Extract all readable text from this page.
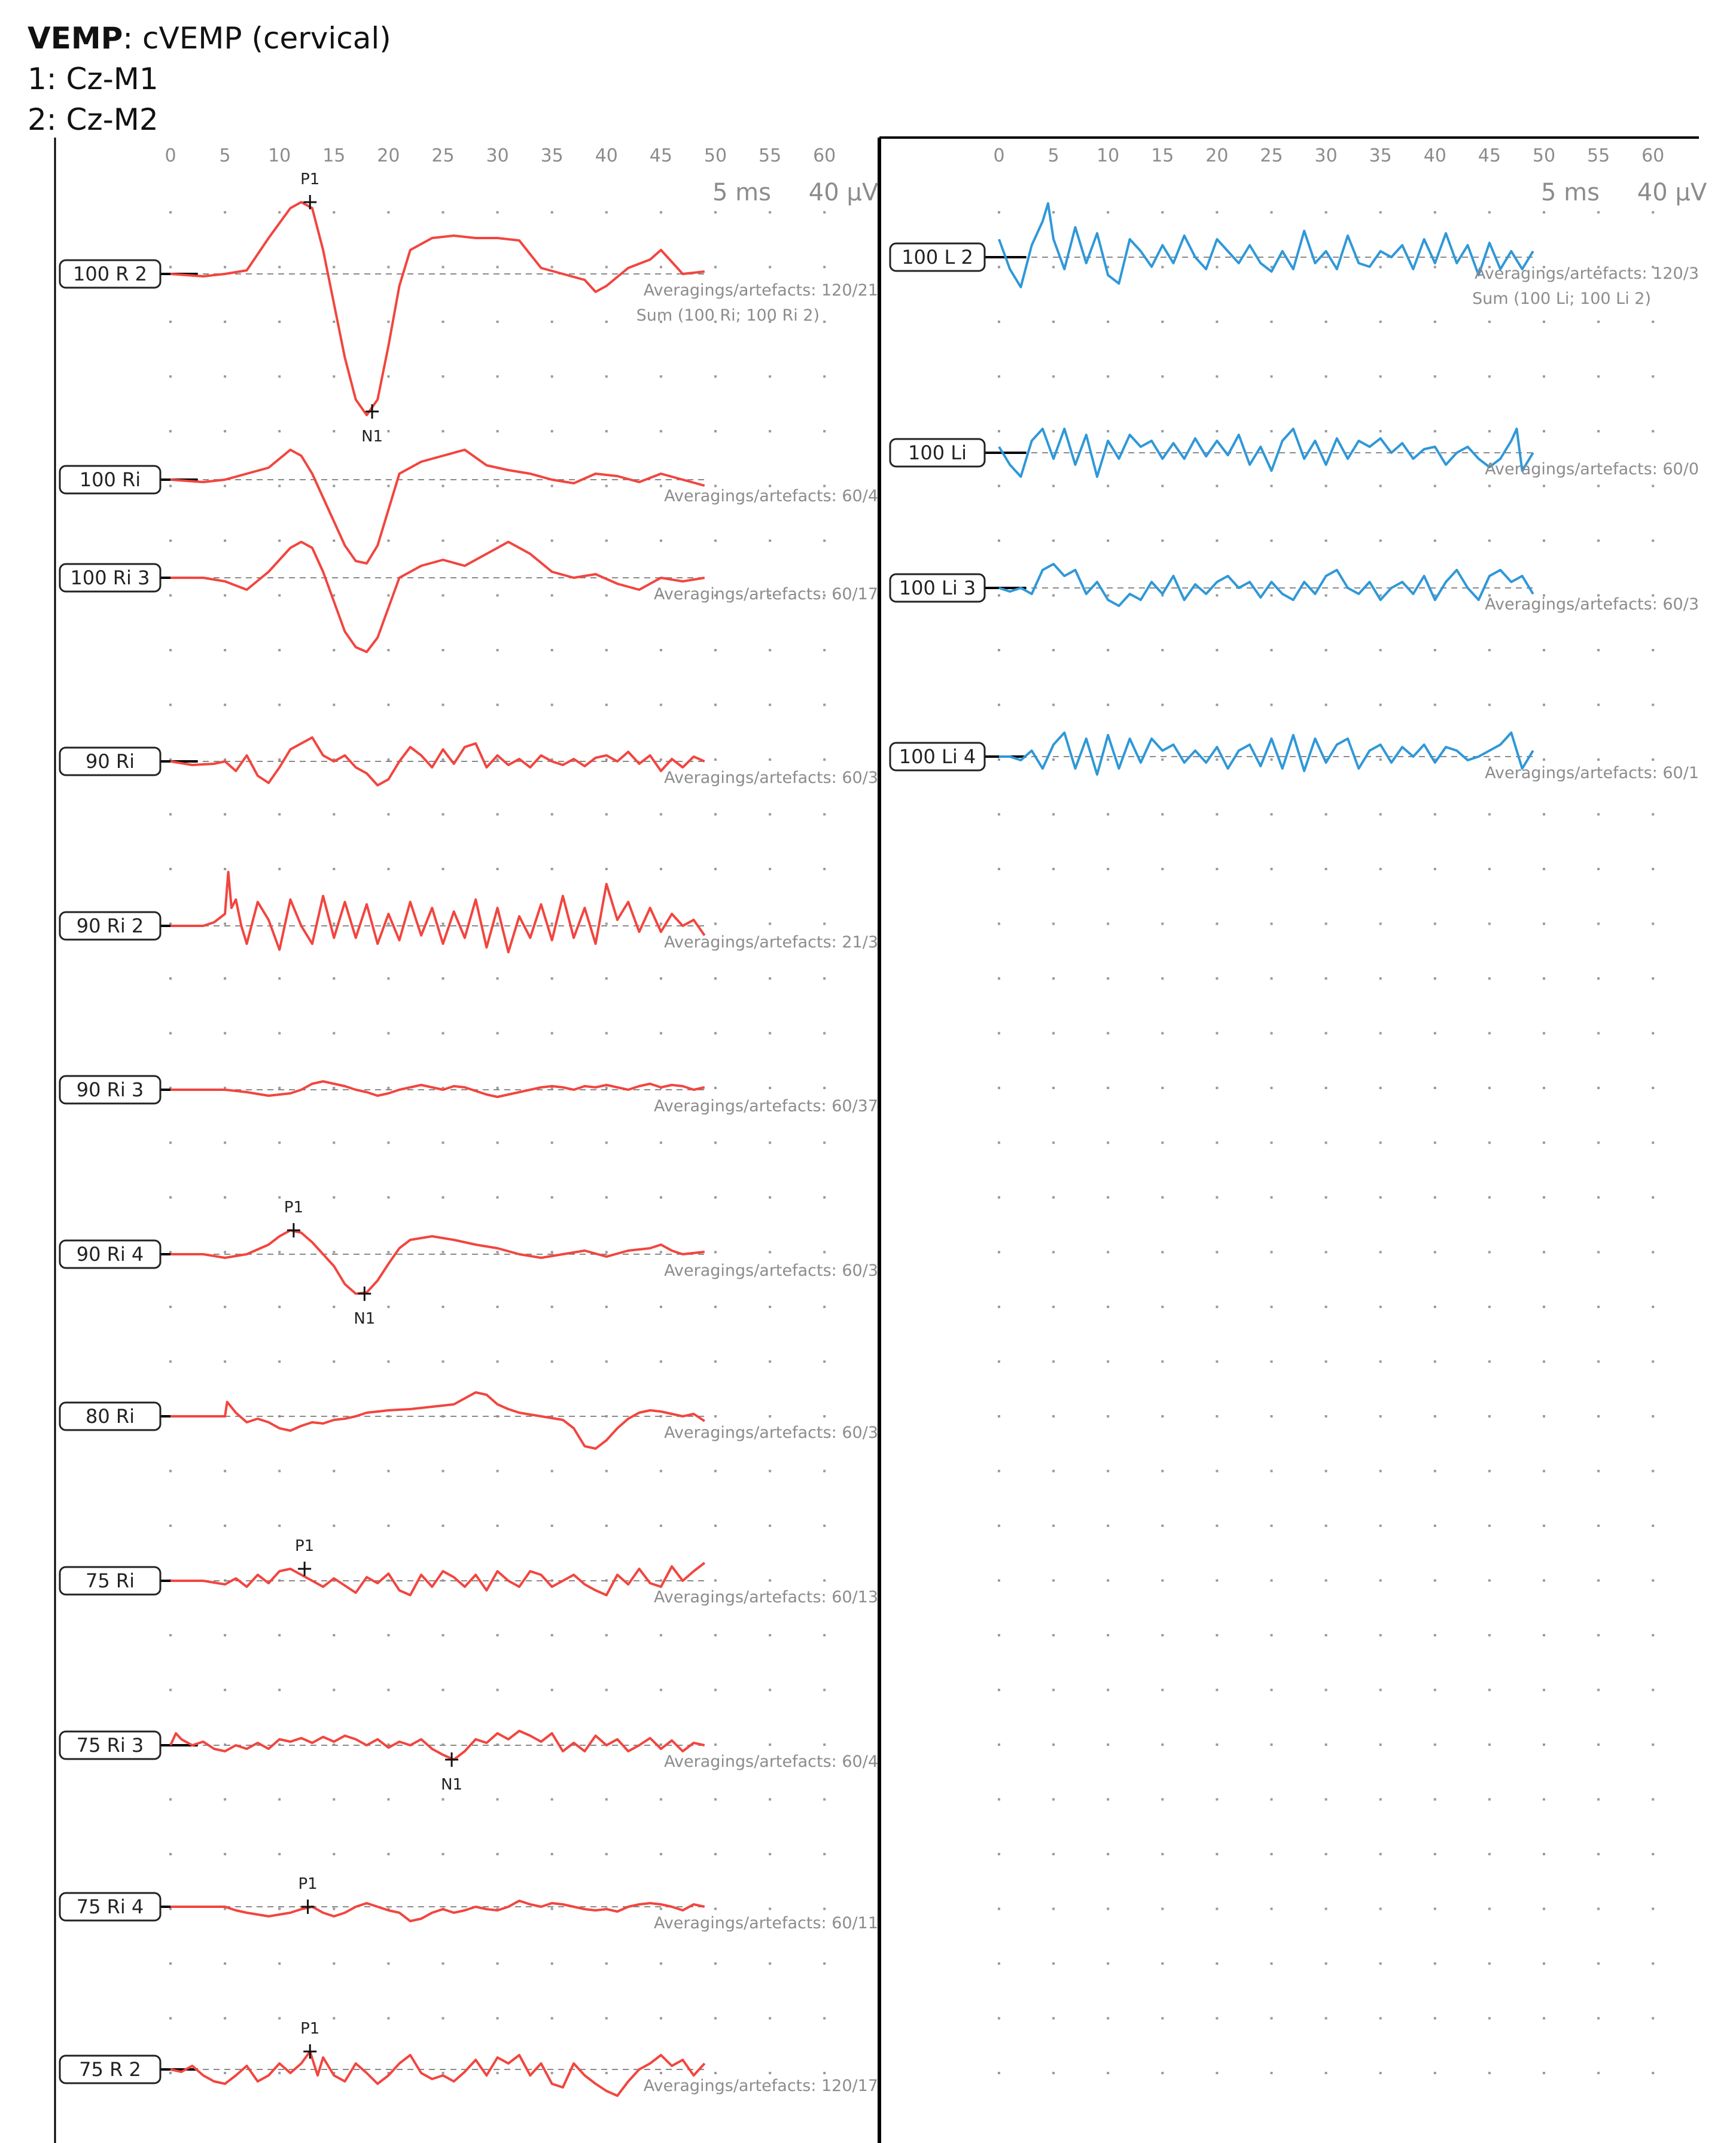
VEMP: cVEMP (cervical)
1: Cz-M1
2: Cz-M2
0 5 10 15 20 25 30 35 40 45 50 55 60
5 ms 40 µV
100 R 2
Averagings/artefacts: 120/21
Sum (100 Ri; 100 Ri 2)
P1
N1
100 Ri
Averagings/artefacts: 60/4
100 Ri 3
Averagings/artefacts: 60/17
90 Ri
Averagings/artefacts: 60/3
90 Ri 2
Averagings/artefacts: 21/3
90 Ri 3
Averagings/artefacts: 60/37
90 Ri 4
Averagings/artefacts: 60/3
P1
N1
80 Ri
Averagings/artefacts: 60/3
75 Ri
Averagings/artefacts: 60/13
P1
75 Ri 3
Averagings/artefacts: 60/4
N1
75 Ri 4
Averagings/artefacts: 60/11
P1
75 R 2
Averagings/artefacts: 120/17
P1
0 5 10 15 20 25 30 35 40 45 50 55 60
5 ms 40 µV
100 L 2
Averagings/artefacts: 120/3
Sum (100 Li; 100 Li 2)
100 Li
Averagings/artefacts: 60/0
100 Li 3
Averagings/artefacts: 60/3
100 Li 4
Averagings/artefacts: 60/1
